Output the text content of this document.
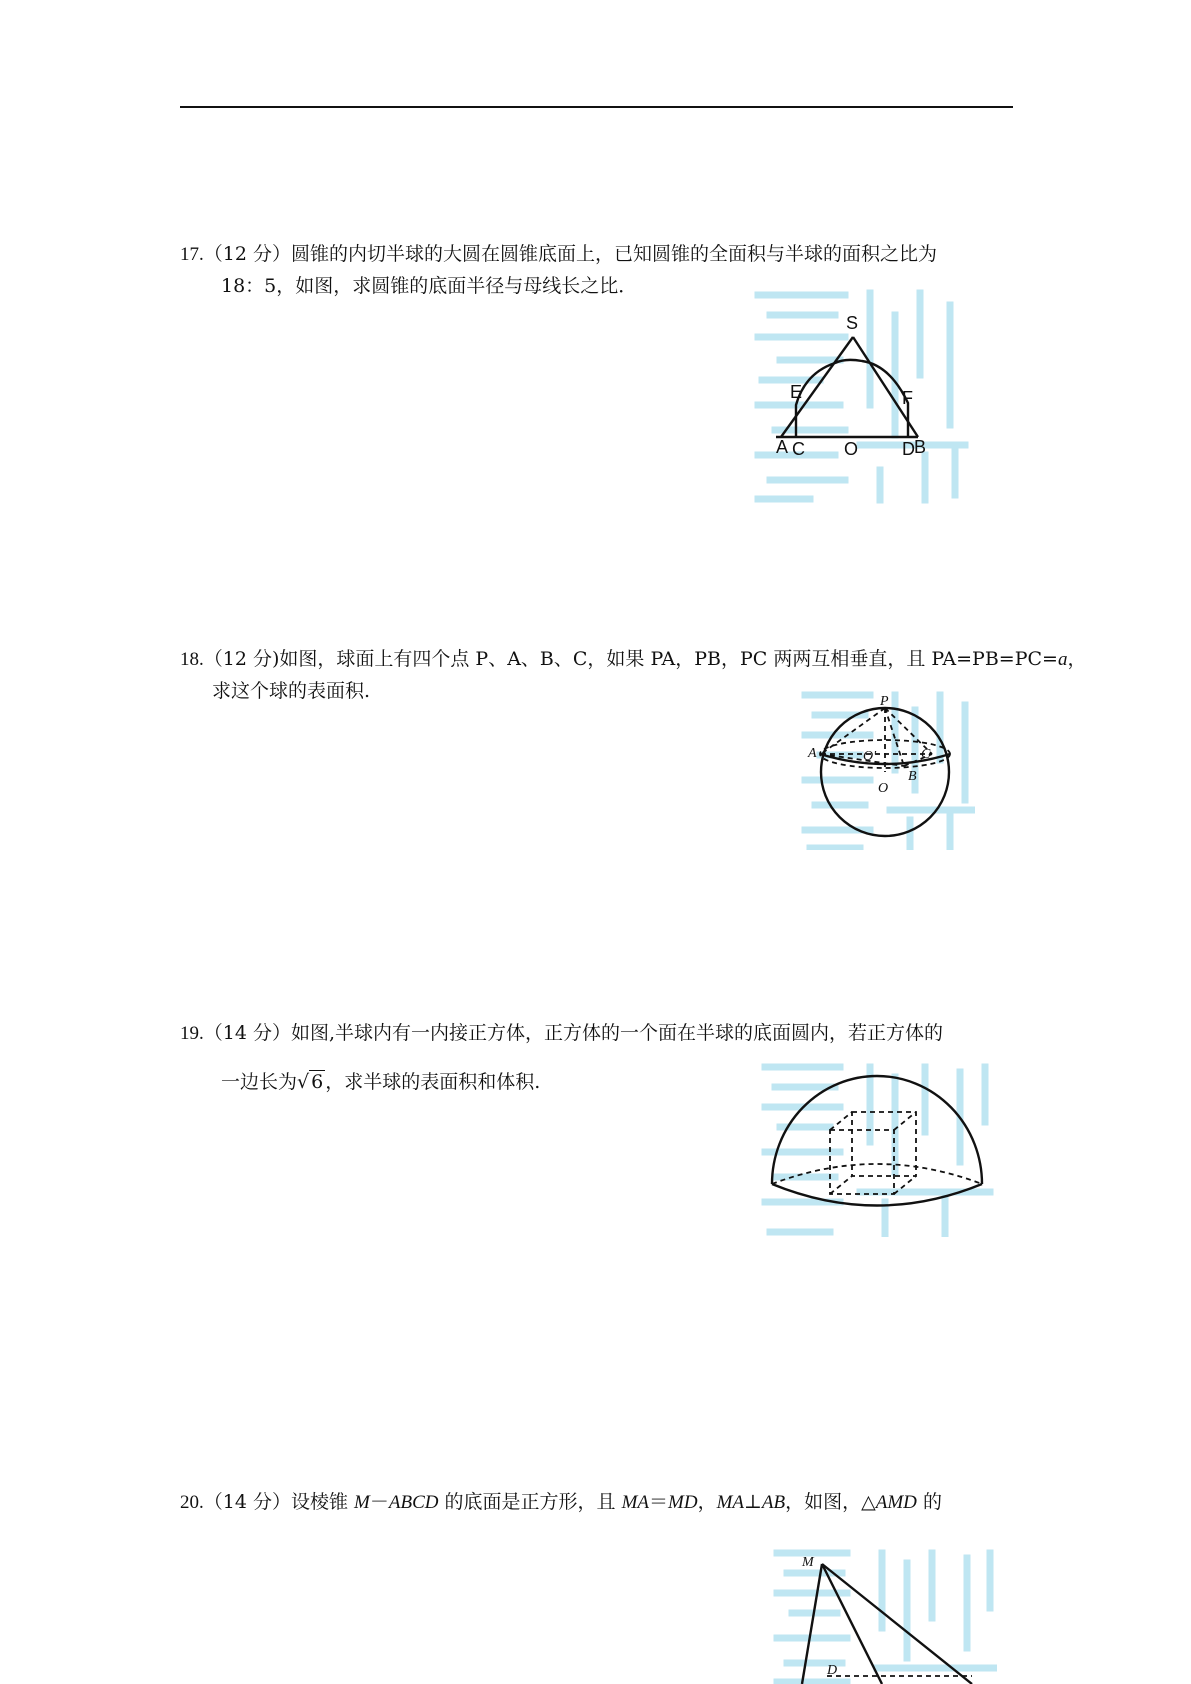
17.（12 分）圆锥的内切半球的大圆在圆锥底面上，已知圆锥的全面积与半球的面积之比为
18：5，如图，求圆锥的底面半径与母线长之比．
S
E	F
A C O D B
18.（12 分)如图，球面上有四个点 P、A、B、C，如果 PA，PB，PC 两两互相垂直，且 PA=PB=PC=a，
求这个球的表面积.	P
A	C
O'
B
O
19.（14 分）如图,半球内有一内接正方体，正方体的一个面在半球的底面圆内，若正方体的
一边长为√ 6 ，求半球的表面积和体积.
20.（14 分）设棱锥 M－ABCD 的底面是正方形，且 MA＝MD，MA⊥AB，如图，△AMD 的
M
D
